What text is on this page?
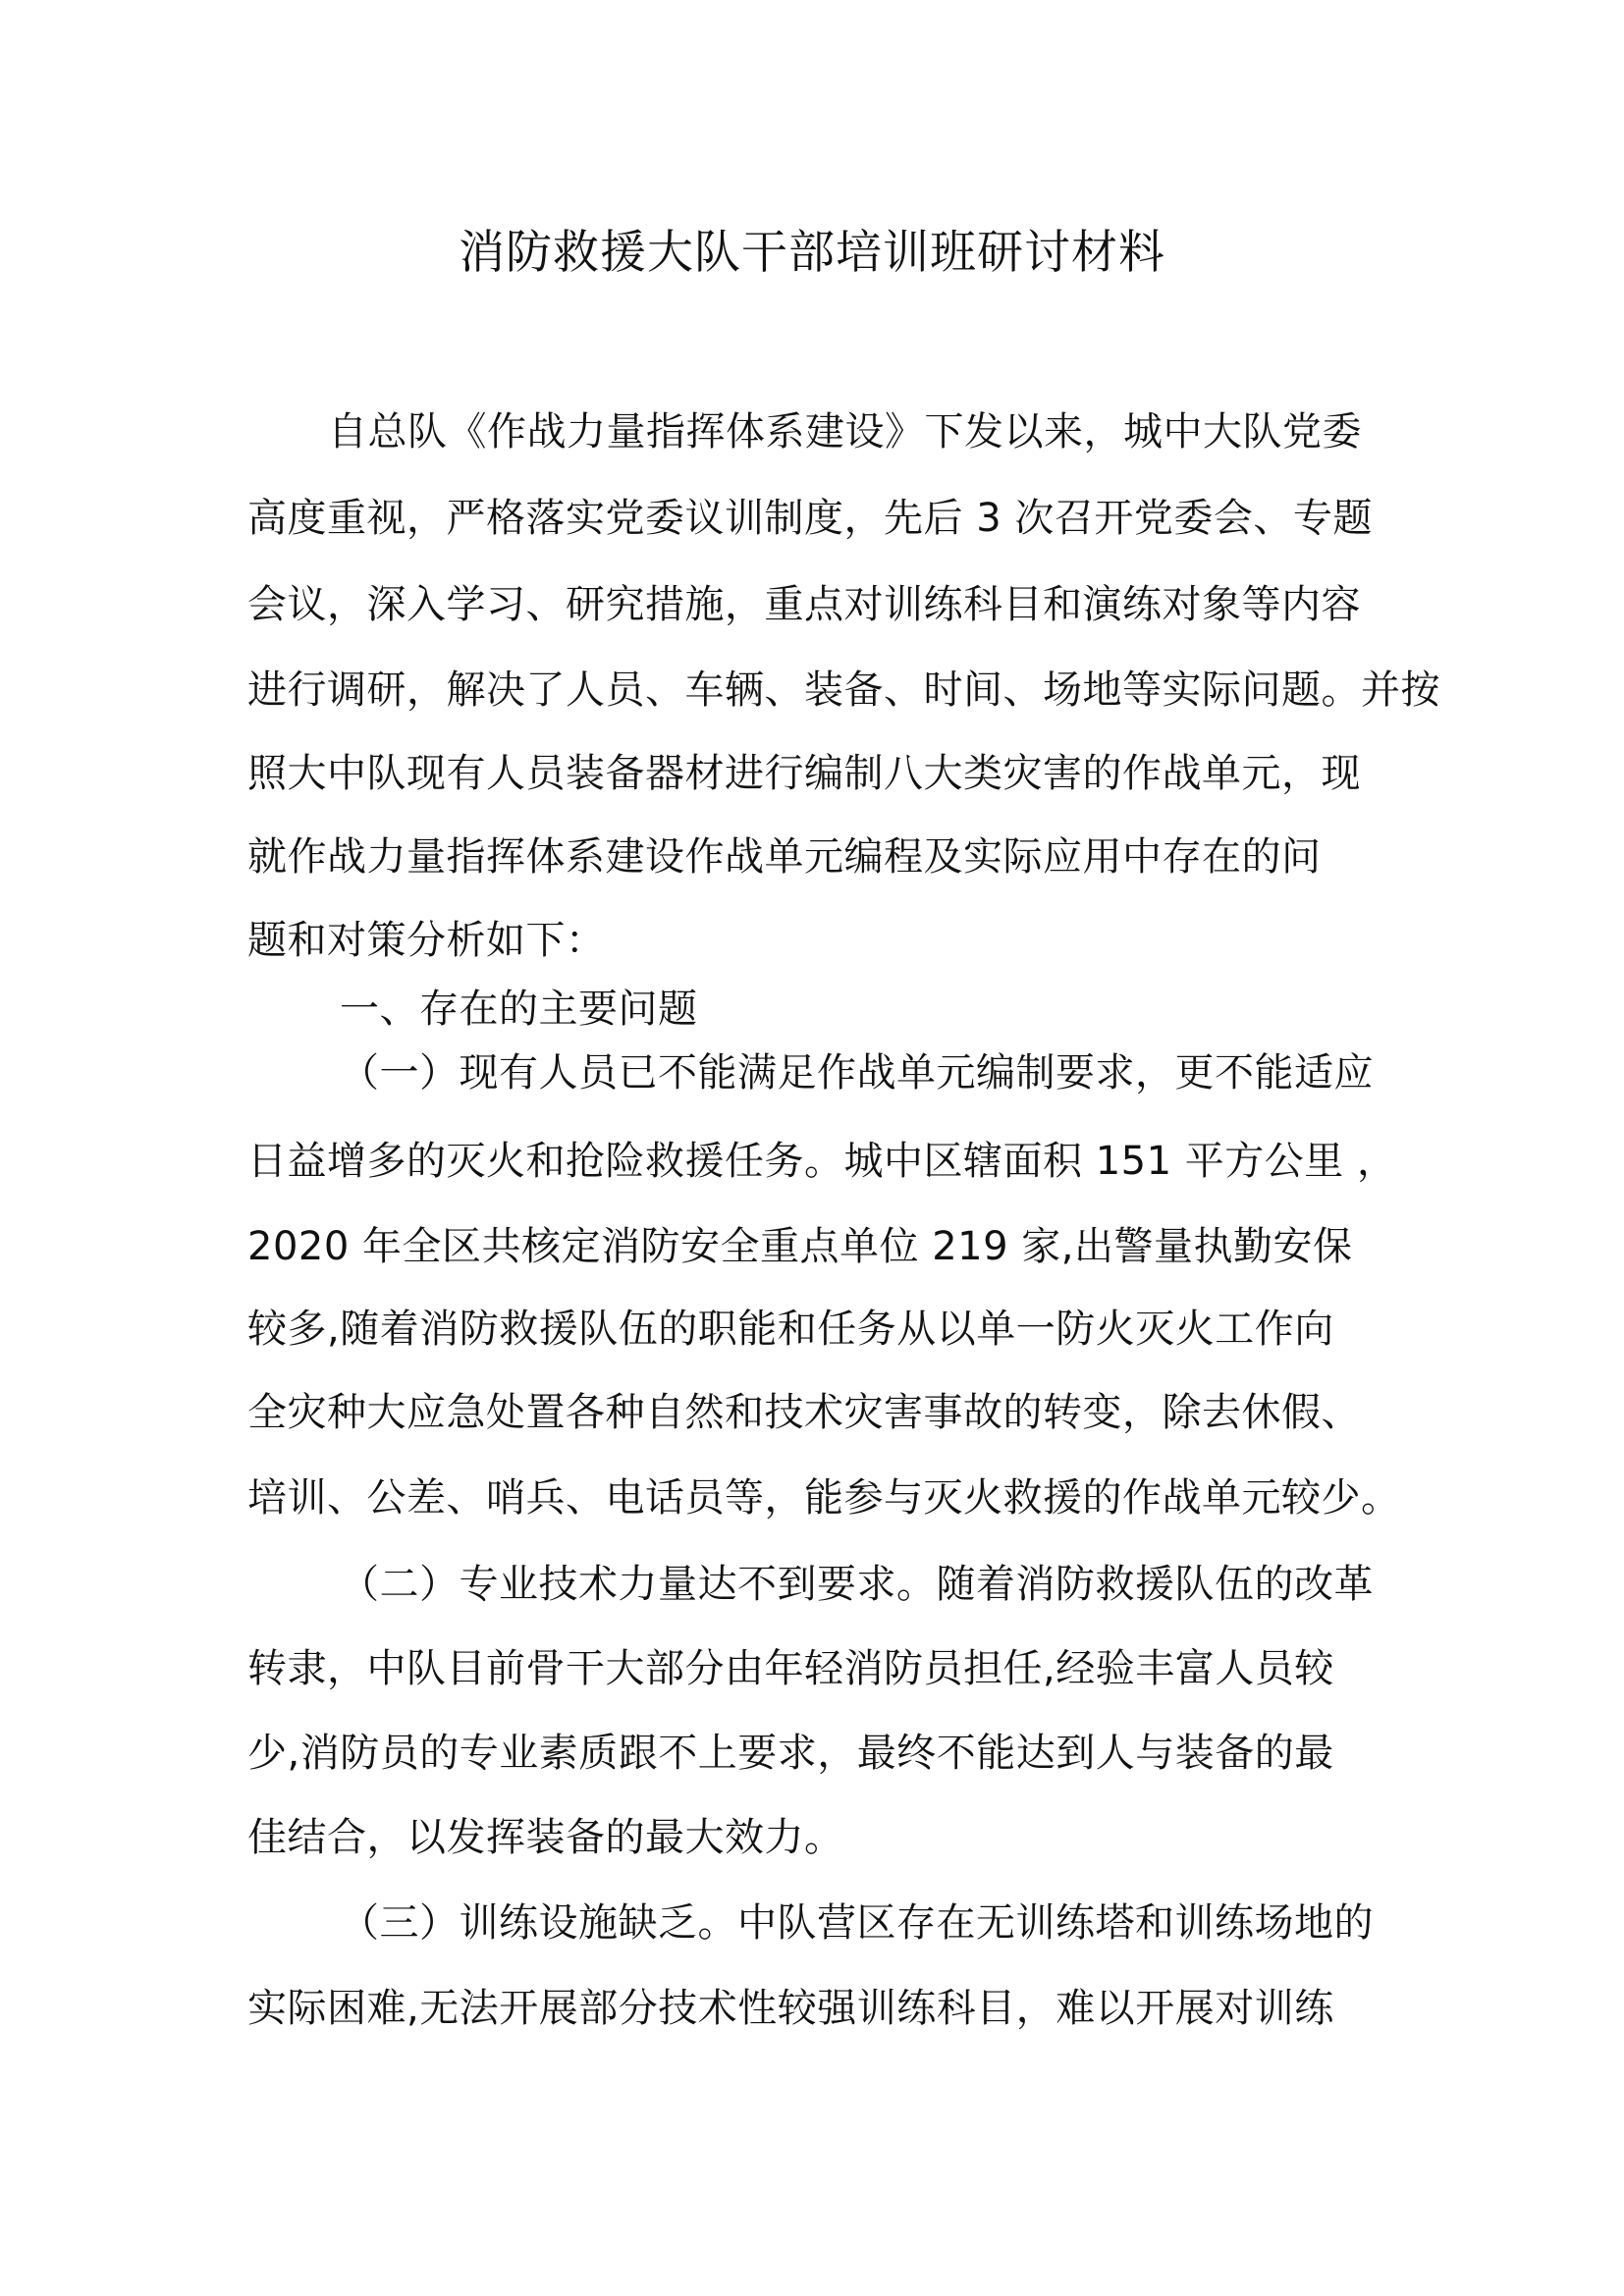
消防救援大队干部培训班研讨材料
自总队《作战力量指挥体系建设》下发以来，城中大队党委
高度重视，严格落实党委议训制度，先后 3 次召开党委会、专题
会议，深入学习、研究措施，重点对训练科目和演练对象等内容
进行调研，解决了人员、车辆、装备、时间、场地等实际问题。并按
照大中队现有人员装备器材进行编制八大类灾害的作战单元，现
就作战力量指挥体系建设作战单元编程及实际应用中存在的问
题和对策分析如下：
一、存在的主要问题
（一）现有人员已不能满足作战单元编制要求，更不能适应
日益增多的灭火和抢险救援任务。城中区辖面积 151 平方公里 ，
2020 年全区共核定消防安全重点单位 219 家,出警量执勤安保
较多,随着消防救援队伍的职能和任务从以单一防火灭火工作向
全灾种大应急处置各种自然和技术灾害事故的转变，除去休假、
培训、公差、哨兵、电话员等，能参与灭火救援的作战单元较少。
（二）专业技术力量达不到要求。随着消防救援队伍的改革
转隶，中队目前骨干大部分由年轻消防员担任,经验丰富人员较
少,消防员的专业素质跟不上要求，最终不能达到人与装备的最
佳结合，以发挥装备的最大效力。
（三）训练设施缺乏。中队营区存在无训练塔和训练场地的
实际困难,无法开展部分技术性较强训练科目，难以开展对训练
